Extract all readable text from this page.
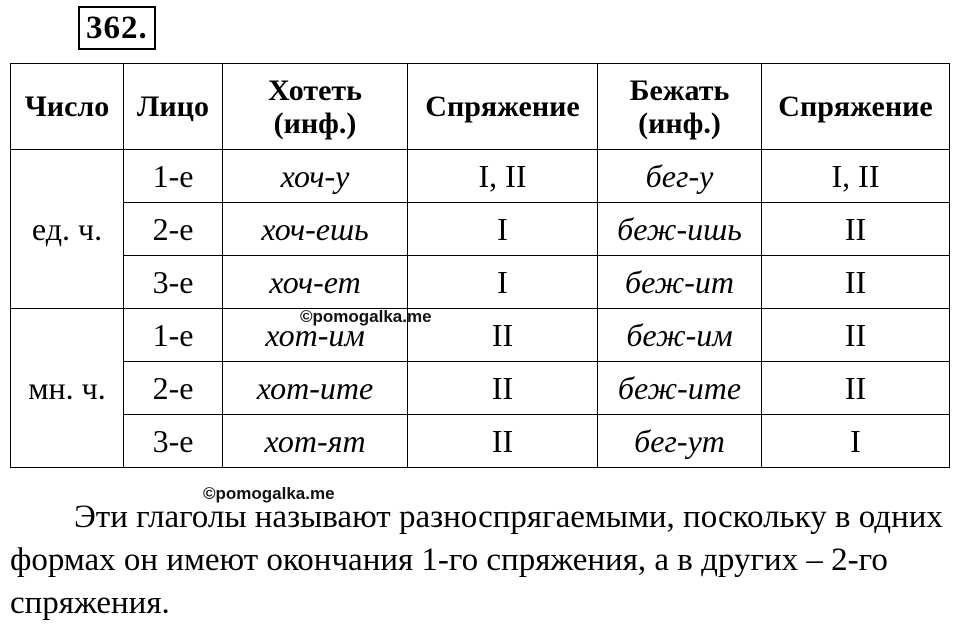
362.
Число	Лицо	Хотеть (инф.)	Спряжение	Бежать (инф.)	Спряжение
ед. ч.	1-е	хоч-у	I, II	бег-у	I, II
	2-е	хоч-ешь	I	беж-ишь	II
	3-е	хоч-ет	I	беж-ит	II
мн. ч.	1-е	хот-им	II	беж-им	II
	2-е	хот-ите	II	беж-ите	II
	3-е	хот-ят	II	бег-ут	I
©pomogalka.me
©pomogalka.me
Эти глаголы называют разноспрягаемыми, поскольку в одних формах он имеют окончания 1-го спряжения, а в других – 2-го спряжения.
